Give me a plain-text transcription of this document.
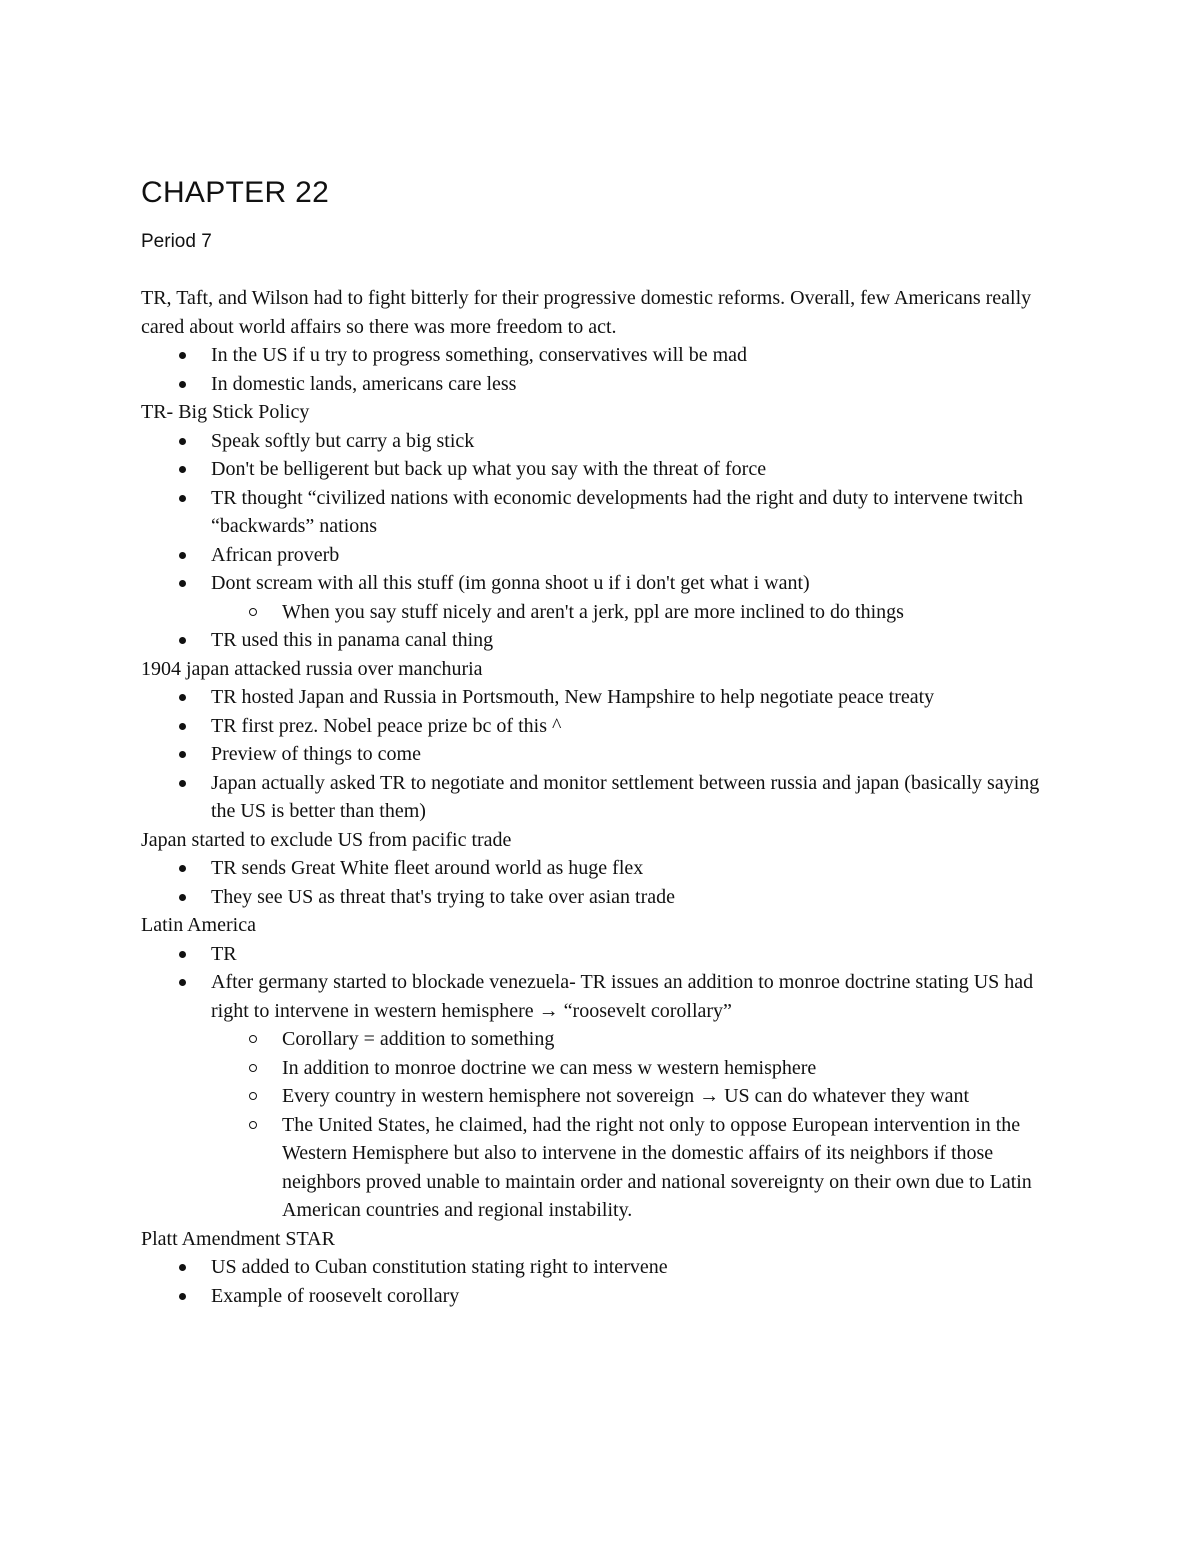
CHAPTER 22

Period 7

TR, Taft, and Wilson had to fight bitterly for their progressive domestic reforms. Overall, few Americans really cared about world affairs so there was more freedom to act.

In the US if u try to progress something, conservatives will be mad
In domestic lands, americans care less

TR- Big Stick Policy

Speak softly but carry a big stick
Don't be belligerent but back up what you say with the threat of force
TR thought “civilized nations with economic developments had the right and duty to intervene twitch “backwards” nations
African proverb
Dont scream with all this stuff (im gonna shoot u if i don't get what i want)
When you say stuff nicely and aren't a jerk, ppl are more inclined to do things
TR used this in panama canal thing

1904 japan attacked russia over manchuria

TR hosted Japan and Russia in Portsmouth, New Hampshire to help negotiate peace treaty
TR first prez. Nobel peace prize bc of this ^
Preview of things to come
Japan actually asked TR to negotiate and monitor settlement between russia and japan (basically saying the US is better than them)

Japan started to exclude US from pacific trade

TR sends Great White fleet around world as huge flex
They see US as threat that's trying to take over asian trade

Latin America

TR
After germany started to blockade venezuela- TR issues an addition to monroe doctrine stating US had right to intervene in western hemisphere → “roosevelt corollary”
Corollary = addition to something
In addition to monroe doctrine we can mess w western hemisphere
Every country in western hemisphere not sovereign → US can do whatever they want
The United States, he claimed, had the right not only to oppose European intervention in the Western Hemisphere but also to intervene in the domestic affairs of its neighbors if those neighbors proved unable to maintain order and national sovereignty on their own due to Latin American countries and regional instability.

Platt Amendment STAR

US added to Cuban constitution stating right to intervene
Example of roosevelt corollary
